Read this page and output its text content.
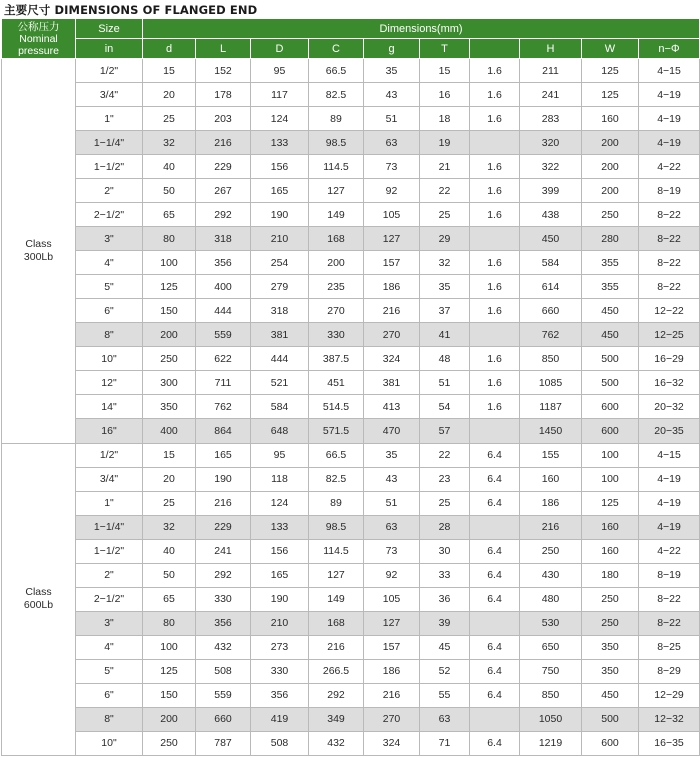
主要尺寸 DIMENSIONS OF FLANGED END
公称压力
Nominal
pressure	Size	Dimensions(mm)									
	in	d	L	D	C	g	T		H	W	n−Φ

Class
300Lb	1/2"	15	152	95	66.5	35	15	1.6	211	125	4−15
	3/4"	20	178	117	82.5	43	16	1.6	241	125	4−19
	1"	25	203	124	89	51	18	1.6	283	160	4−19
	1−1/4"	32	216	133	98.5	63	19		320	200	4−19
	1−1/2"	40	229	156	114.5	73	21	1.6	322	200	4−22
	2"	50	267	165	127	92	22	1.6	399	200	8−19
	2−1/2"	65	292	190	149	105	25	1.6	438	250	8−22
	3"	80	318	210	168	127	29		450	280	8−22
	4"	100	356	254	200	157	32	1.6	584	355	8−22
	5"	125	400	279	235	186	35	1.6	614	355	8−22
	6"	150	444	318	270	216	37	1.6	660	450	12−22
	8"	200	559	381	330	270	41		762	450	12−25
	10"	250	622	444	387.5	324	48	1.6	850	500	16−29
	12"	300	711	521	451	381	51	1.6	1085	500	16−32
	14"	350	762	584	514.5	413	54	1.6	1187	600	20−32
	16"	400	864	648	571.5	470	57		1450	600	20−35

Class
600Lb	1/2"	15	165	95	66.5	35	22	6.4	155	100	4−15
	3/4"	20	190	118	82.5	43	23	6.4	160	100	4−19
	1"	25	216	124	89	51	25	6.4	186	125	4−19
	1−1/4"	32	229	133	98.5	63	28		216	160	4−19
	1−1/2"	40	241	156	114.5	73	30	6.4	250	160	4−22
	2"	50	292	165	127	92	33	6.4	430	180	8−19
	2−1/2"	65	330	190	149	105	36	6.4	480	250	8−22
	3"	80	356	210	168	127	39		530	250	8−22
	4"	100	432	273	216	157	45	6.4	650	350	8−25
	5"	125	508	330	266.5	186	52	6.4	750	350	8−29
	6"	150	559	356	292	216	55	6.4	850	450	12−29
	8"	200	660	419	349	270	63		1050	500	12−32
	10"	250	787	508	432	324	71	6.4	1219	600	16−35
